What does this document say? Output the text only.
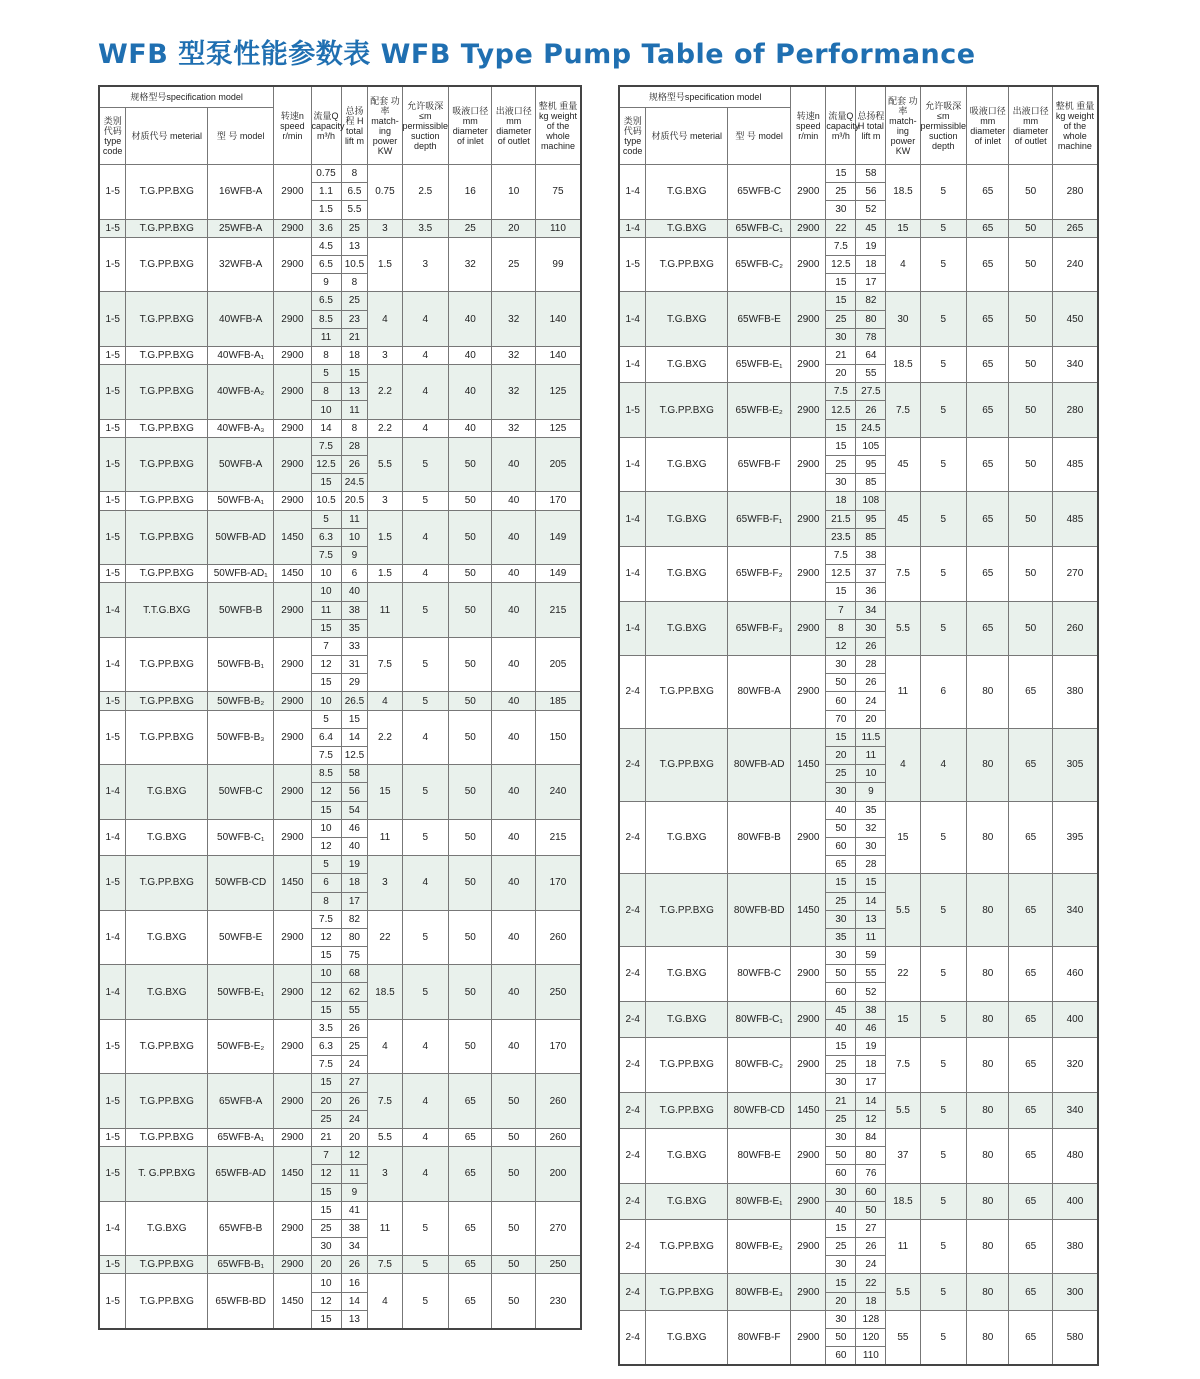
WFB 型泵性能参数表 WFB Type Pump Table of Performance
规格型号specification model			转速n speed r/min	流量Q capacity m³/h	总扬程 H total lift m	配套 功率 match- ing power KW	允许吸深 ≤m permissible suction depth	吸液口径 mm diameter of inlet	出液口径 mm diameter of outlet	整机 重量kg weight of the whole machine
类别 代码 type code	材质代号 meterial	型 号 model								
1-5	T.G.PP.BXG	16WFB-A	2900	0.75	8	0.75	2.5	16	10	75
				1.1	6.5					
				1.5	5.5					
1-5	T.G.PP.BXG	25WFB-A	2900	3.6	25	3	3.5	25	20	110
1-5	T.G.PP.BXG	32WFB-A	2900	4.5	13	1.5	3	32	25	99
				6.5	10.5					
				9	8					
1-5	T.G.PP.BXG	40WFB-A	2900	6.5	25	4	4	40	32	140
				8.5	23					
				11	21					
1-5	T.G.PP.BXG	40WFB-A₁	2900	8	18	3	4	40	32	140
1-5	T.G.PP.BXG	40WFB-A₂	2900	5	15	2.2	4	40	32	125
				8	13					
				10	11					
1-5	T.G.PP.BXG	40WFB-A₃	2900	14	8	2.2	4	40	32	125
1-5	T.G.PP.BXG	50WFB-A	2900	7.5	28	5.5	5	50	40	205
				12.5	26					
				15	24.5					
1-5	T.G.PP.BXG	50WFB-A₁	2900	10.5	20.5	3	5	50	40	170
1-5	T.G.PP.BXG	50WFB-AD	1450	5	11	1.5	4	50	40	149
				6.3	10					
				7.5	9					
1-5	T.G.PP.BXG	50WFB-AD₁	1450	10	6	1.5	4	50	40	149
1-4	T.T.G.BXG	50WFB-B	2900	10	40	11	5	50	40	215
				11	38					
				15	35					
1-4	T.G.PP.BXG	50WFB-B₁	2900	7	33	7.5	5	50	40	205
				12	31					
				15	29					
1-5	T.G.PP.BXG	50WFB-B₂	2900	10	26.5	4	5	50	40	185
1-5	T.G.PP.BXG	50WFB-B₃	2900	5	15	2.2	4	50	40	150
				6.4	14					
				7.5	12.5					
1-4	T.G.BXG	50WFB-C	2900	8.5	58	15	5	50	40	240
				12	56					
				15	54					
1-4	T.G.BXG	50WFB-C₁	2900	10	46	11	5	50	40	215
				12	40					
1-5	T.G.PP.BXG	50WFB-CD	1450	5	19	3	4	50	40	170
				6	18					
				8	17					
1-4	T.G.BXG	50WFB-E	2900	7.5	82	22	5	50	40	260
				12	80					
				15	75					
1-4	T.G.BXG	50WFB-E₁	2900	10	68	18.5	5	50	40	250
				12	62					
				15	55					
1-5	T.G.PP.BXG	50WFB-E₂	2900	3.5	26	4	4	50	40	170
				6.3	25					
				7.5	24					
1-5	T.G.PP.BXG	65WFB-A	2900	15	27	7.5	4	65	50	260
				20	26					
				25	24					
1-5	T.G.PP.BXG	65WFB-A₁	2900	21	20	5.5	4	65	50	260
1-5	T. G.PP.BXG	65WFB-AD	1450	7	12	3	4	65	50	200
				12	11					
				15	9					
1-4	T.G.BXG	65WFB-B	2900	15	41	11	5	65	50	270
				25	38					
				30	34					
1-5	T.G.PP.BXG	65WFB-B₁	2900	20	26	7.5	5	65	50	250
1-5	T.G.PP.BXG	65WFB-BD	1450	10	16	4	5	65	50	230
				12	14					
				15	13					
规格型号specification model			转速n speed r/min	流量Q capacity m³/h	总扬程 H total lift m	配套 功率 match- ing power KW	允许吸深 ≤m permissible suction depth	吸液口径 mm diameter of inlet	出液口径 mm diameter of outlet	整机 重量kg weight of the whole machine
类别 代码 type code	材质代号 meterial	型 号 model								
1-4	T.G.BXG	65WFB-C	2900	15	58	18.5	5	65	50	280
				25	56					
				30	52					
1-4	T.G.BXG	65WFB-C₁	2900	22	45	15	5	65	50	265
1-5	T.G.PP.BXG	65WFB-C₂	2900	7.5	19	4	5	65	50	240
				12.5	18					
				15	17					
1-4	T.G.BXG	65WFB-E	2900	15	82	30	5	65	50	450
				25	80					
				30	78					
1-4	T.G.BXG	65WFB-E₁	2900	21	64	18.5	5	65	50	340
				20	55					
1-5	T.G.PP.BXG	65WFB-E₂	2900	7.5	27.5	7.5	5	65	50	280
				12.5	26					
				15	24.5					
1-4	T.G.BXG	65WFB-F	2900	15	105	45	5	65	50	485
				25	95					
				30	85					
1-4	T.G.BXG	65WFB-F₁	2900	18	108	45	5	65	50	485
				21.5	95					
				23.5	85					
1-4	T.G.BXG	65WFB-F₂	2900	7.5	38	7.5	5	65	50	270
				12.5	37					
				15	36					
1-4	T.G.BXG	65WFB-F₃	2900	7	34	5.5	5	65	50	260
				8	30					
				12	26					
2-4	T.G.PP.BXG	80WFB-A	2900	30	28	11	6	80	65	380
				50	26					
				60	24					
				70	20					
2-4	T.G.PP.BXG	80WFB-AD	1450	15	11.5	4	4	80	65	305
				20	11					
				25	10					
				30	9					
2-4	T.G.BXG	80WFB-B	2900	40	35	15	5	80	65	395
				50	32					
				60	30					
				65	28					
2-4	T.G.PP.BXG	80WFB-BD	1450	15	15	5.5	5	80	65	340
				25	14					
				30	13					
				35	11					
2-4	T.G.BXG	80WFB-C	2900	30	59	22	5	80	65	460
				50	55					
				60	52					
2-4	T.G.BXG	80WFB-C₁	2900	45	38	15	5	80	65	400
				40	46					
2-4	T.G.PP.BXG	80WFB-C₂	2900	15	19	7.5	5	80	65	320
				25	18					
				30	17					
2-4	T.G.PP.BXG	80WFB-CD	1450	21	14	5.5	5	80	65	340
				25	12					
2-4	T.G.BXG	80WFB-E	2900	30	84	37	5	80	65	480
				50	80					
				60	76					
2-4	T.G.BXG	80WFB-E₁	2900	30	60	18.5	5	80	65	400
				40	50					
2-4	T.G.PP.BXG	80WFB-E₂	2900	15	27	11	5	80	65	380
				25	26					
				30	24					
2-4	T.G.PP.BXG	80WFB-E₃	2900	15	22	5.5	5	80	65	300
				20	18					
2-4	T.G.BXG	80WFB-F	2900	30	128	55	5	80	65	580
				50	120					
				60	110					
